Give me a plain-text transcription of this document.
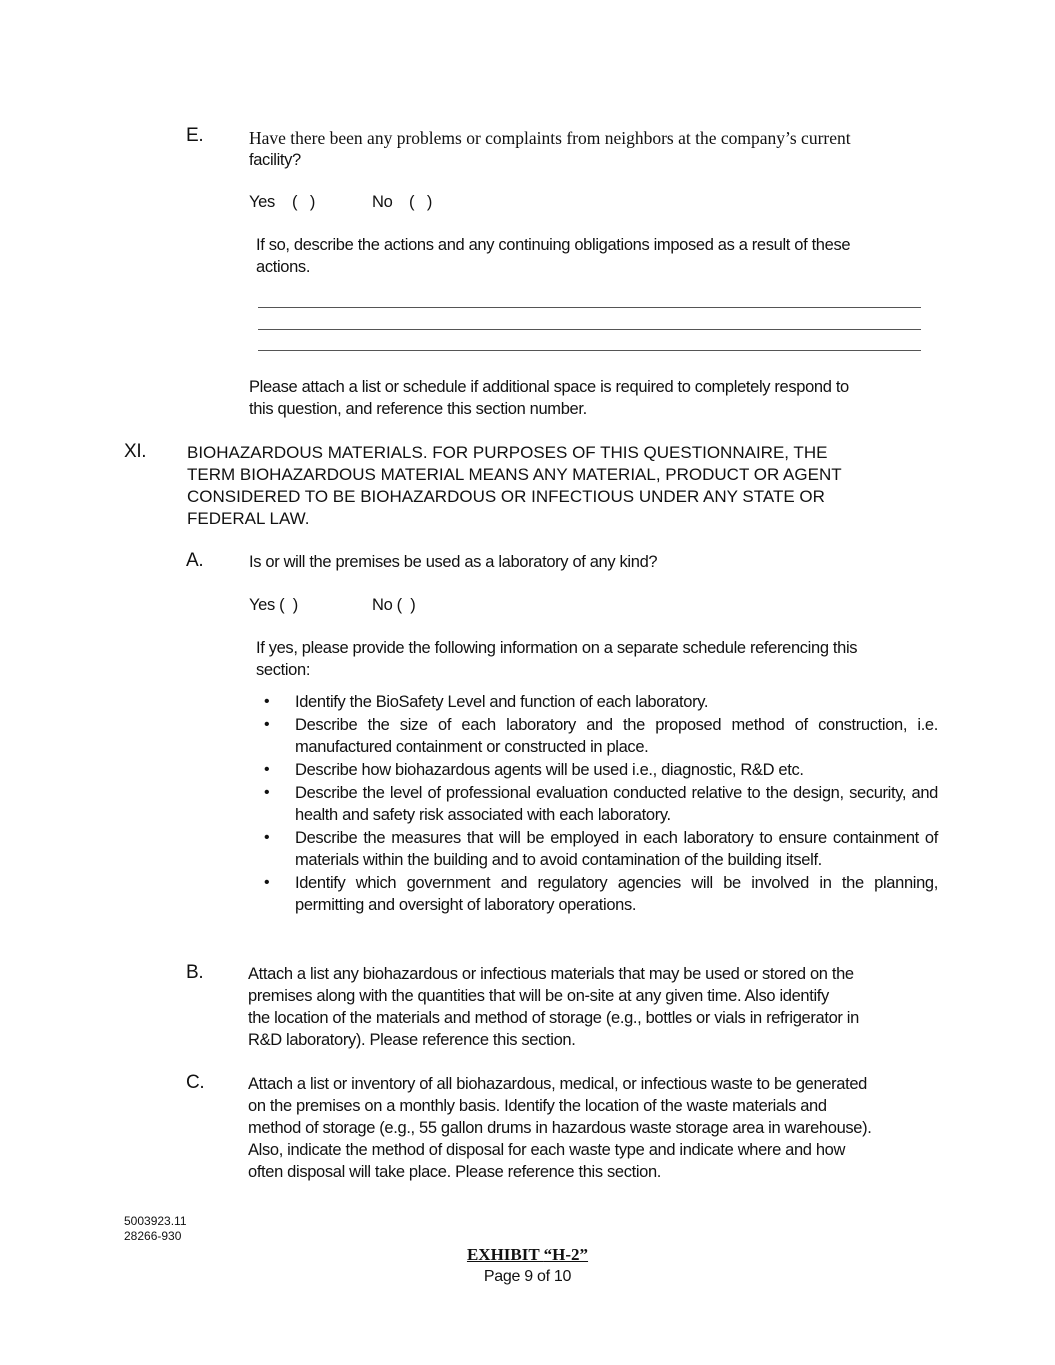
E.	Have there been any problems or complaints from neighbors at the company’s current
facility?
Yes (   )	No (   )
If so, describe the actions and any continuing obligations imposed as a result of these
actions.
Please attach a list or schedule if additional space is required to completely respond to
this question, and reference this section number.
XI. BIOHAZARDOUS MATERIALS. FOR PURPOSES OF THIS QUESTIONNAIRE, THE
TERM BIOHAZARDOUS MATERIAL MEANS ANY MATERIAL, PRODUCT OR AGENT
CONSIDERED TO BE BIOHAZARDOUS OR INFECTIOUS UNDER ANY STATE OR
FEDERAL LAW.
A.	Is or will the premises be used as a laboratory of any kind?
Yes (  )	No (  )
If yes, please provide the following information on a separate schedule referencing this
section:
• Identify the BioSafety Level and function of each laboratory.
• Describe the size of each laboratory and the proposed method of construction, i.e. manufactured containment or constructed in place.
• Describe how biohazardous agents will be used i.e., diagnostic, R&D etc.
• Describe the level of professional evaluation conducted relative to the design, security, and health and safety risk associated with each laboratory.
• Describe the measures that will be employed in each laboratory to ensure containment of materials within the building and to avoid contamination of the building itself.
• Identify which government and regulatory agencies will be involved in the planning, permitting and oversight of laboratory operations.
B.	Attach a list any biohazardous or infectious materials that may be used or stored on the
premises along with the quantities that will be on-site at any given time. Also identify
the location of the materials and method of storage (e.g., bottles or vials in refrigerator in
R&D laboratory). Please reference this section.
C.	Attach a list or inventory of all biohazardous, medical, or infectious waste to be generated
on the premises on a monthly basis. Identify the location of the waste materials and
method of storage (e.g., 55 gallon drums in hazardous waste storage area in warehouse).
Also, indicate the method of disposal for each waste type and indicate where and how
often disposal will take place. Please reference this section.
5003923.11
28266-930
EXHIBIT “H-2”
Page 9 of 10
